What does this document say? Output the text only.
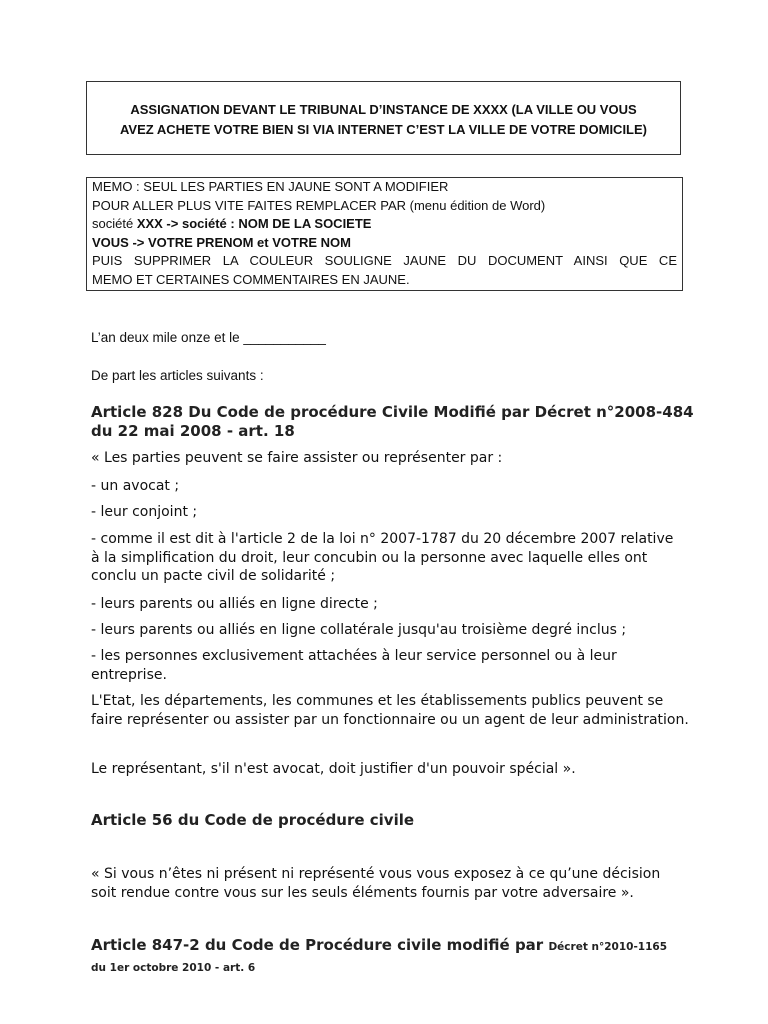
ASSIGNATION DEVANT LE TRIBUNAL D’INSTANCE DE XXXX (LA VILLE OU VOUS
AVEZ ACHETE VOTRE BIEN SI VIA INTERNET C’EST LA VILLE DE VOTRE DOMICILE)
MEMO : SEUL LES PARTIES EN JAUNE SONT A MODIFIER
POUR ALLER PLUS VITE FAITES REMPLACER PAR (menu édition de Word)
société XXX -> société : NOM DE LA SOCIETE
VOUS -> VOTRE PRENOM et VOTRE NOM
PUIS SUPPRIMER LA COULEUR SOULIGNE JAUNE DU DOCUMENT AINSI QUE CE
MEMO ET CERTAINES COMMENTAIRES EN JAUNE.
L’an deux mile onze et le ___________
De part les articles suivants :
Article 828 Du Code de procédure Civile Modifié par Décret n°2008-484 du 22 mai 2008 - art. 18
« Les parties peuvent se faire assister ou représenter par :
- un avocat ;
- leur conjoint ;
- comme il est dit à l'article 2 de la loi n° 2007-1787 du 20 décembre 2007 relative à la simplification du droit, leur concubin ou la personne avec laquelle elles ont conclu un pacte civil de solidarité ;
- leurs parents ou alliés en ligne directe ;
- leurs parents ou alliés en ligne collatérale jusqu'au troisième degré inclus ;
- les personnes exclusivement attachées à leur service personnel ou à leur entreprise.
L'Etat, les départements, les communes et les établissements publics peuvent se faire représenter ou assister par un fonctionnaire ou un agent de leur administration.
Le représentant, s'il n'est avocat, doit justifier d'un pouvoir spécial ».
Article 56 du Code de procédure civile
« Si vous n’êtes ni présent ni représenté vous vous exposez à ce qu’une décision soit rendue contre vous sur les seuls éléments fournis par votre adversaire ».
Article 847-2 du Code de Procédure civile modifié par Décret n°2010-1165 du 1er octobre 2010 - art. 6
